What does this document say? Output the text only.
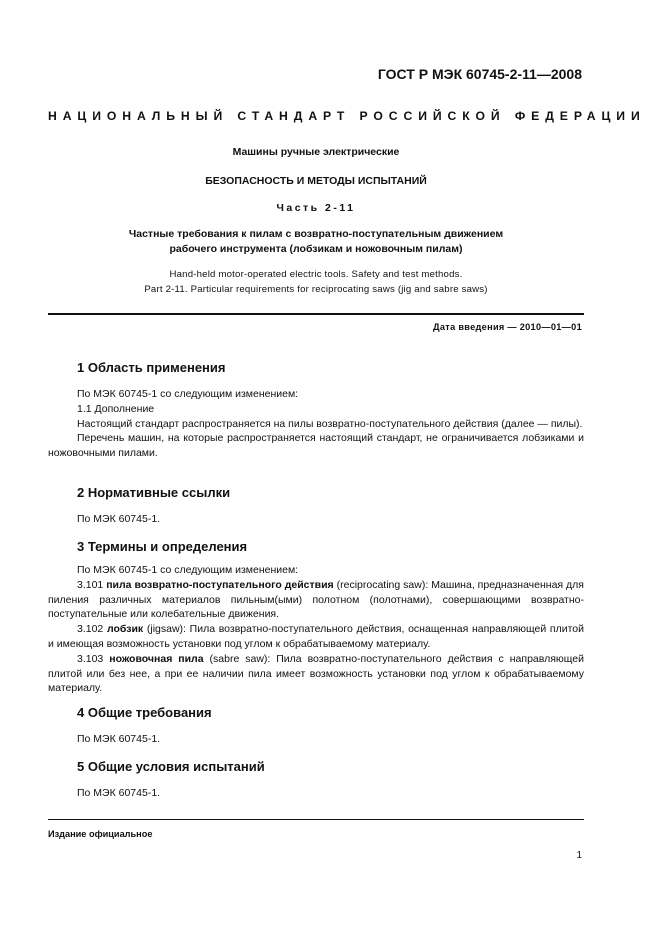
ГОСТ Р МЭК 60745-2-11—2008
НАЦИОНАЛЬНЫЙ СТАНДАРТ РОССИЙСКОЙ ФЕДЕРАЦИИ
Машины ручные электрические
БЕЗОПАСНОСТЬ И МЕТОДЫ ИСПЫТАНИЙ
Часть 2-11
Частные требования к пилам с возвратно-поступательным движением
рабочего инструмента (лобзикам и ножовочным пилам)
Hand-held motor-operated electric tools. Safety and test methods.
Part 2-11. Particular requirements for reciprocating saws (jig and sabre saws)
Дата введения — 2010—01—01
1 Область применения

По МЭК 60745-1 со следующим изменением:

1.1 Дополнение

Настоящий стандарт распространяется на пилы возвратно-поступательного действия (далее — пилы).

Перечень машин, на которые распространяется настоящий стандарт, не ограничивается лобзиками и ножовочными пилами.

2 Нормативные ссылки

По МЭК 60745-1.

3 Термины и определения

По МЭК 60745-1 со следующим изменением:

3.101 пила возвратно-поступательного действия (reciprocating saw): Машина, предназначенная для пиления различных материалов пильным(ыми) полотном (полотнами), совершающими возвратно-поступательные или колебательные движения.

3.102 лобзик (jigsaw): Пила возвратно-поступательного действия, оснащенная направляющей плитой и имеющая возможность установки под углом к обрабатываемому материалу.

3.103 ножовочная пила (sabre saw): Пила возвратно-поступательного действия с направляющей плитой или без нее, а при ее наличии пила имеет возможность установки под углом к обрабатываемому материалу.

4 Общие требования

По МЭК 60745-1.

5 Общие условия испытаний

По МЭК 60745-1.

Издание официальное
1
